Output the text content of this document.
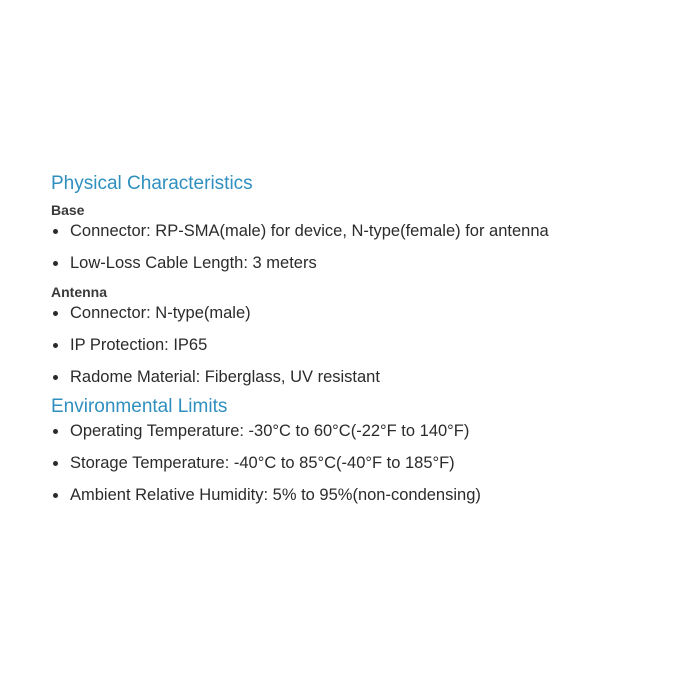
Physical Characteristics
Base
Connector: RP-SMA(male) for device, N-type(female) for antenna
Low-Loss Cable Length: 3 meters
Antenna
Connector: N-type(male)
IP Protection: IP65
Radome Material: Fiberglass, UV resistant
Environmental Limits
Operating Temperature: -30°C to 60°C(-22°F to 140°F)
Storage Temperature: -40°C to 85°C(-40°F to 185°F)
Ambient Relative Humidity: 5% to 95%(non-condensing)
